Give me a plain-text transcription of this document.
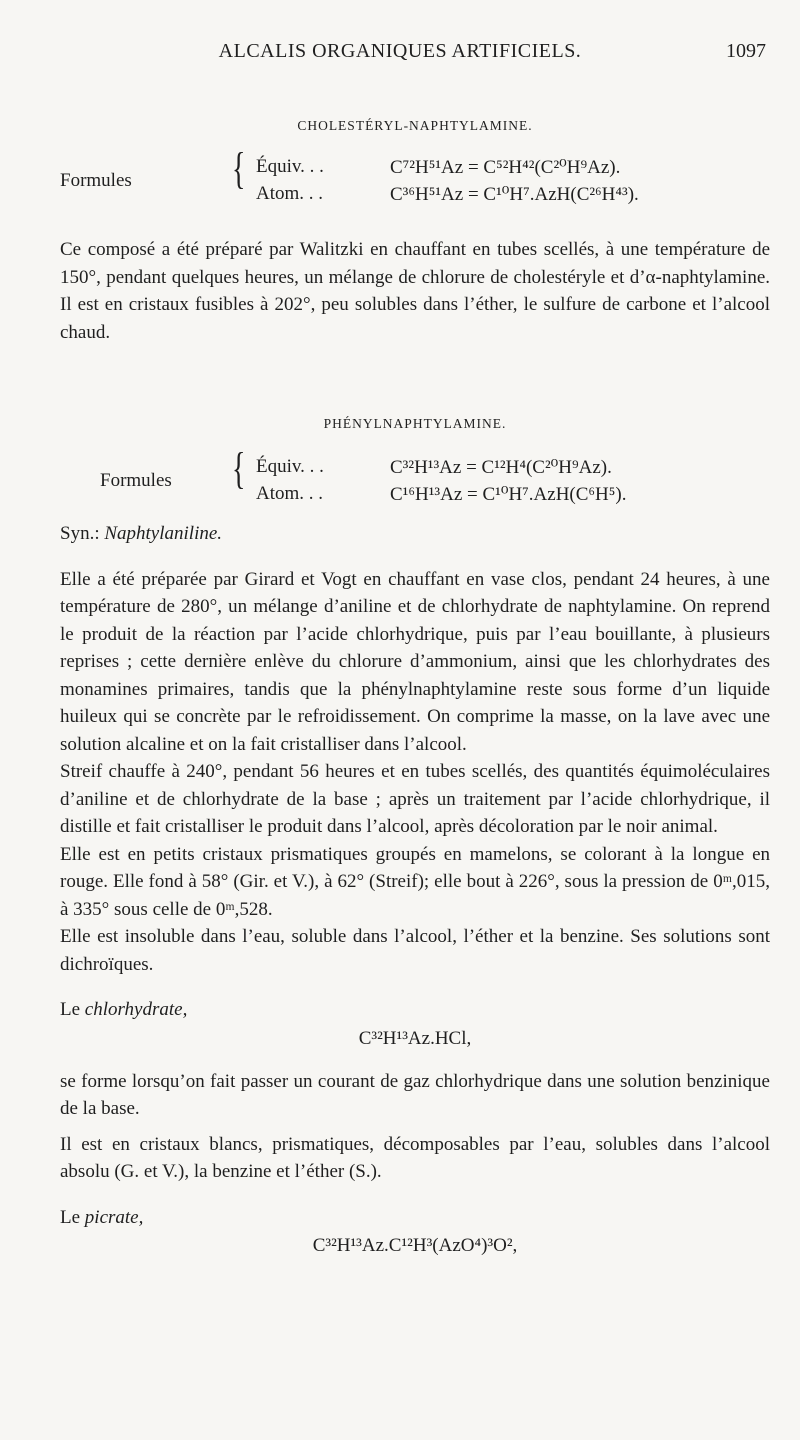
ALCALIS ORGANIQUES ARTIFICIELS.	1097

CHOLESTÉRYL-NAPHTYLAMINE.

Formules	{ Équiv. . .	C⁷²H⁵¹Az = C⁵²H⁴²(C²⁰H⁹Az).
Atom. . .	C³⁶H⁵¹Az = C¹⁰H⁷.AzH(C²⁶H⁴³).

Ce composé a été préparé par Walitzki en chauffant en tubes scellés, à une température de 150°, pendant quelques heures, un mélange de chlorure de cholestéryle et d’α-naphtylamine. Il est en cristaux fusibles à 202°, peu solubles dans l’éther, le sulfure de carbone et l’alcool chaud.

PHÉNYLNAPHTYLAMINE.

Formules { Équiv. . .	C³²H¹³Az = C¹²H⁴(C²⁰H⁹Az).
Atom. . .	C¹⁶H¹³Az = C¹⁰H⁷.AzH(C⁶H⁵).

Syn.: Naphtylaniline.

Elle a été préparée par Girard et Vogt en chauffant en vase clos, pendant 24 heures, à une température de 280°, un mélange d’aniline et de chlorhydrate de naphtylamine. On reprend le produit de la réaction par l’acide chlorhydrique, puis par l’eau bouillante, à plusieurs reprises ; cette dernière enlève du chlorure d’ammonium, ainsi que les chlorhydrates des monamines primaires, tandis que la phénylnaphtylamine reste sous forme d’un liquide huileux qui se concrète par le refroidissement. On comprime la masse, on la lave avec une solution alcaline et on la fait cristalliser dans l’alcool.

Streif chauffe à 240°, pendant 56 heures et en tubes scellés, des quantités équimoléculaires d’aniline et de chlorhydrate de la base ; après un traitement par l’acide chlorhydrique, il distille et fait cristalliser le produit dans l’alcool, après décoloration par le noir animal.

Elle est en petits cristaux prismatiques groupés en mamelons, se colorant à la longue en rouge. Elle fond à 58° (Gir. et V.), à 62° (Streif); elle bout à 226°, sous la pression de 0ᵐ,015, à 335° sous celle de 0ᵐ,528.

Elle est insoluble dans l’eau, soluble dans l’alcool, l’éther et la benzine. Ses solutions sont dichroïques.

Le chlorhydrate,

C³²H¹³Az.HCl,

se forme lorsqu’on fait passer un courant de gaz chlorhydrique dans une solution benzinique de la base.

Il est en cristaux blancs, prismatiques, décomposables par l’eau, solubles dans l’alcool absolu (G. et V.), la benzine et l’éther (S.).

Le picrate,

C³²H¹³Az.C¹²H³(AzO⁴)³O²,
